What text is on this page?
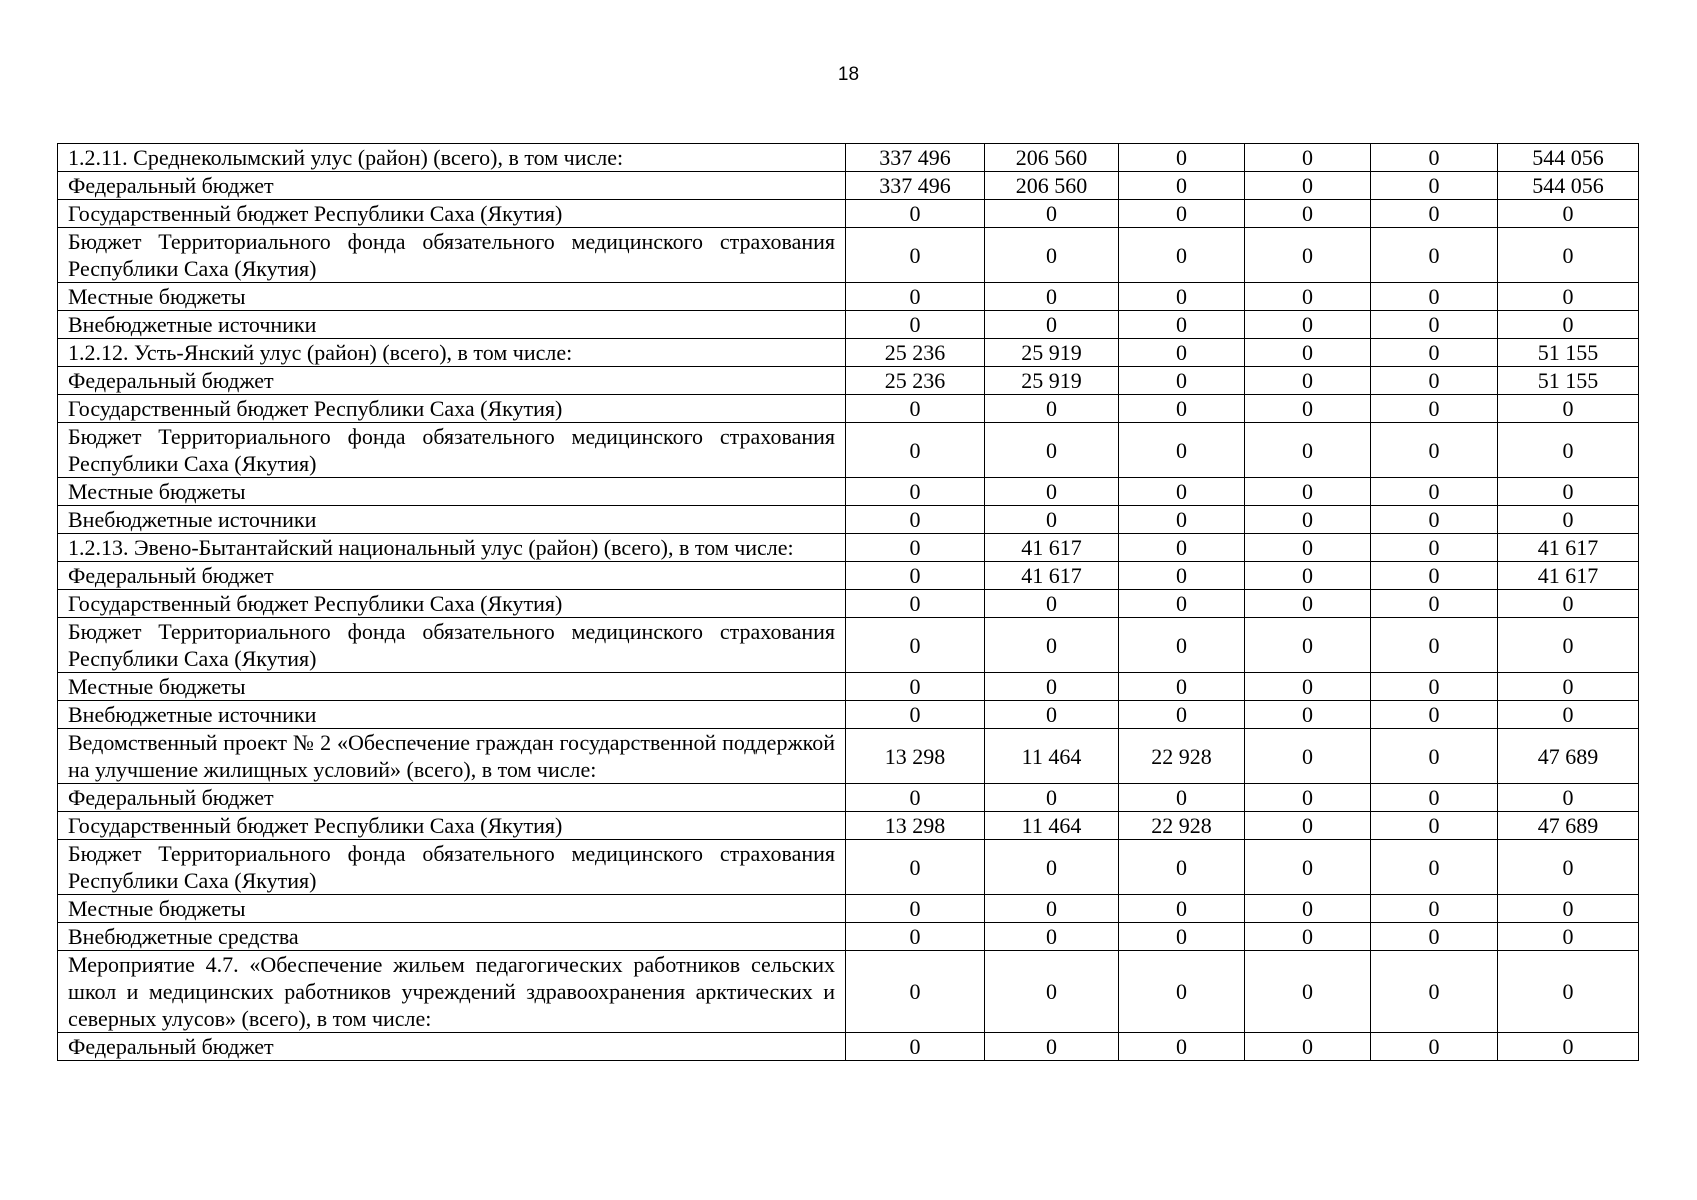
18
1.2.11. Среднеколымский улус (район) (всего), в том числе:	337 496	206 560	0	0	0	544 056
Федеральный бюджет	337 496	206 560	0	0	0	544 056
Государственный бюджет Республики Саха (Якутия)	0	0	0	0	0	0
Бюджет Территориального фонда обязательного медицинского страхования Республики Саха (Якутия)	0	0	0	0	0	0
Местные бюджеты	0	0	0	0	0	0
Внебюджетные источники	0	0	0	0	0	0
1.2.12. Усть-Янский улус (район) (всего), в том числе:	25 236	25 919	0	0	0	51 155
Федеральный бюджет	25 236	25 919	0	0	0	51 155
Государственный бюджет Республики Саха (Якутия)	0	0	0	0	0	0
Бюджет Территориального фонда обязательного медицинского страхования Республики Саха (Якутия)	0	0	0	0	0	0
Местные бюджеты	0	0	0	0	0	0
Внебюджетные источники	0	0	0	0	0	0
1.2.13. Эвено-Бытантайский национальный улус (район) (всего), в том числе:	0	41 617	0	0	0	41 617
Федеральный бюджет	0	41 617	0	0	0	41 617
Государственный бюджет Республики Саха (Якутия)	0	0	0	0	0	0
Бюджет Территориального фонда обязательного медицинского страхования Республики Саха (Якутия)	0	0	0	0	0	0
Местные бюджеты	0	0	0	0	0	0
Внебюджетные источники	0	0	0	0	0	0
Ведомственный проект № 2 «Обеспечение граждан государственной поддержкой на улучшение жилищных условий» (всего), в том числе:	13 298	11 464	22 928	0	0	47 689
Федеральный бюджет	0	0	0	0	0	0
Государственный бюджет Республики Саха (Якутия)	13 298	11 464	22 928	0	0	47 689
Бюджет Территориального фонда обязательного медицинского страхования Республики Саха (Якутия)	0	0	0	0	0	0
Местные бюджеты	0	0	0	0	0	0
Внебюджетные средства	0	0	0	0	0	0
Мероприятие 4.7. «Обеспечение жильем педагогических работников сельских школ и медицинских работников учреждений здравоохранения арктических и северных улусов» (всего), в том числе:	0	0	0	0	0	0
Федеральный бюджет	0	0	0	0	0	0
